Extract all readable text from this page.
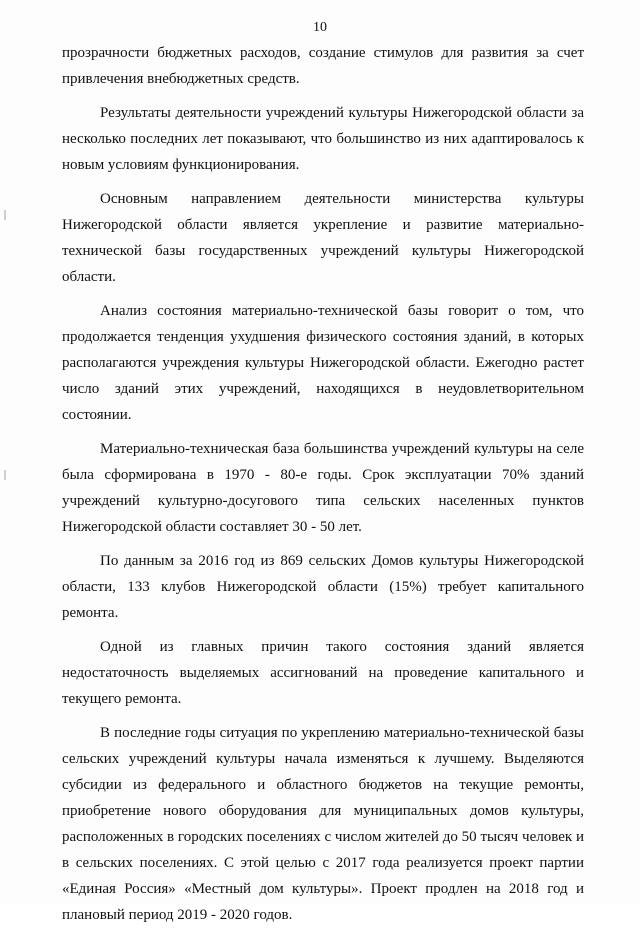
10

прозрачности бюджетных расходов, создание стимулов для развития за счет привлечения внебюджетных средств.

Результаты деятельности учреждений культуры Нижегородской области за несколько последних лет показывают, что большинство из них адаптировалось к новым условиям функционирования.

Основным направлением деятельности министерства культуры Нижегородской области является укрепление и развитие материально-технической базы государственных учреждений культуры Нижегородской области.

Анализ состояния материально-технической базы говорит о том, что продолжается тенденция ухудшения физического состояния зданий, в которых располагаются учреждения культуры Нижегородской области. Ежегодно растет число зданий этих учреждений, находящихся в неудовлетворительном состоянии.

Материально-техническая база большинства учреждений культуры на селе была сформирована в 1970 - 80-е годы. Срок эксплуатации 70% зданий учреждений культурно-досугового типа сельских населенных пунктов Нижегородской области составляет 30 - 50 лет.

По данным за 2016 год из 869 сельских Домов культуры Нижегородской области, 133 клубов Нижегородской области (15%) требует капитального ремонта.

Одной из главных причин такого состояния зданий является недостаточность выделяемых ассигнований на проведение капитального и текущего ремонта.

В последние годы ситуация по укреплению материально-технической базы сельских учреждений культуры начала изменяться к лучшему. Выделяются субсидии из федерального и областного бюджетов на текущие ремонты, приобретение нового оборудования для муниципальных домов культуры, расположенных в городских поселениях с числом жителей до 50 тысяч человек и в сельских поселениях. С этой целью с 2017 года реализуется проект партии «Единая Россия» «Местный дом культуры». Проект продлен на 2018 год и плановый период 2019 - 2020 годов.
